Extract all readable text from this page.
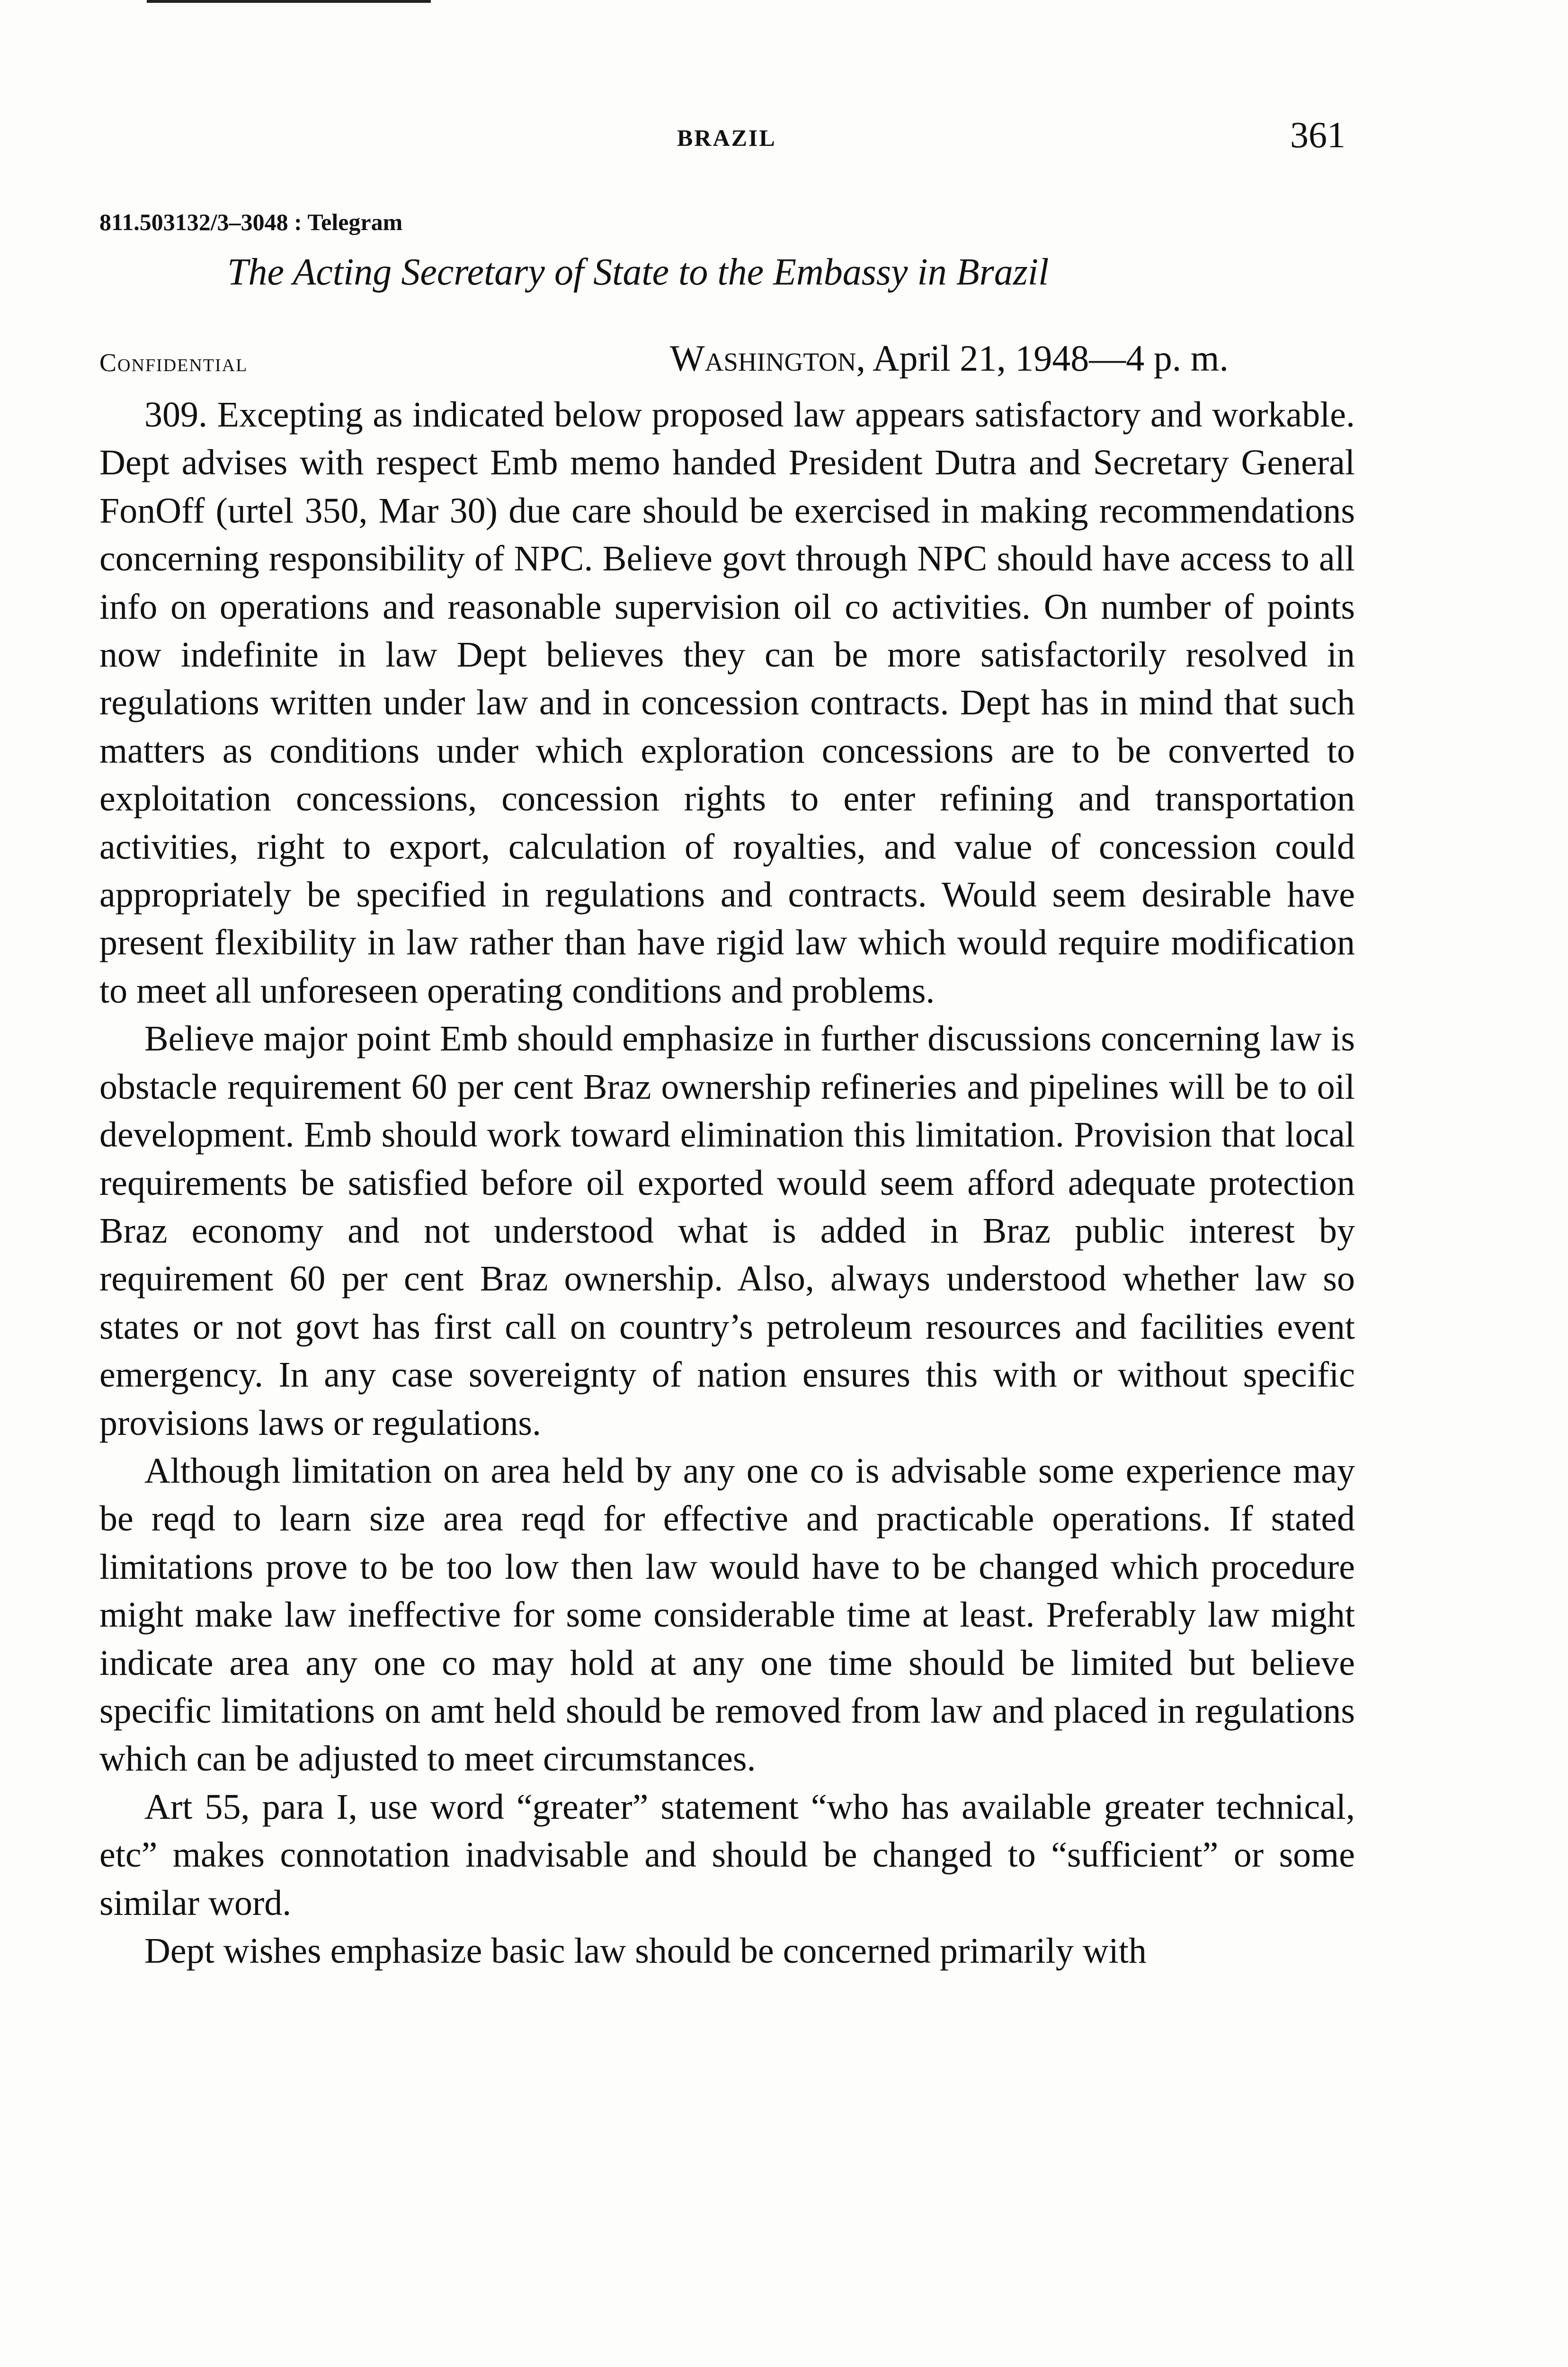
BRAZIL	361
811.503132/3–3048 : Telegram
The Acting Secretary of State to the Embassy in Brazil
Confidential	Washington, April 21, 1948—4 p. m.

309. Excepting as indicated below proposed law appears satisfactory and workable. Dept advises with respect Emb memo handed President Dutra and Secretary General FonOff (urtel 350, Mar 30) due care should be exercised in making recommendations concerning responsibility of NPC. Believe govt through NPC should have access to all info on operations and reasonable supervision oil co activities. On number of points now indefinite in law Dept believes they can be more satisfactorily resolved in regulations written under law and in concession contracts. Dept has in mind that such matters as conditions under which exploration concessions are to be converted to exploitation concessions, concession rights to enter refining and transportation activities, right to export, calculation of royalties, and value of concession could appropriately be specified in regulations and contracts. Would seem desirable have present flexibility in law rather than have rigid law which would require modification to meet all unforeseen operating conditions and problems.

Believe major point Emb should emphasize in further discussions concerning law is obstacle requirement 60 per cent Braz ownership refineries and pipelines will be to oil development. Emb should work toward elimination this limitation. Provision that local requirements be satisfied before oil exported would seem afford adequate protection Braz economy and not understood what is added in Braz public interest by requirement 60 per cent Braz ownership. Also, always understood whether law so states or not govt has first call on country’s petroleum resources and facilities event emergency. In any case sovereignty of nation ensures this with or without specific provisions laws or regulations.

Although limitation on area held by any one co is advisable some experience may be reqd to learn size area reqd for effective and practicable operations. If stated limitations prove to be too low then law would have to be changed which procedure might make law ineffective for some considerable time at least. Preferably law might indicate area any one co may hold at any one time should be limited but believe specific limitations on amt held should be removed from law and placed in regulations which can be adjusted to meet circumstances.

Art 55, para I, use word “greater” statement “who has available greater technical, etc” makes connotation inadvisable and should be changed to “sufficient” or some similar word.

Dept wishes emphasize basic law should be concerned primarily with
